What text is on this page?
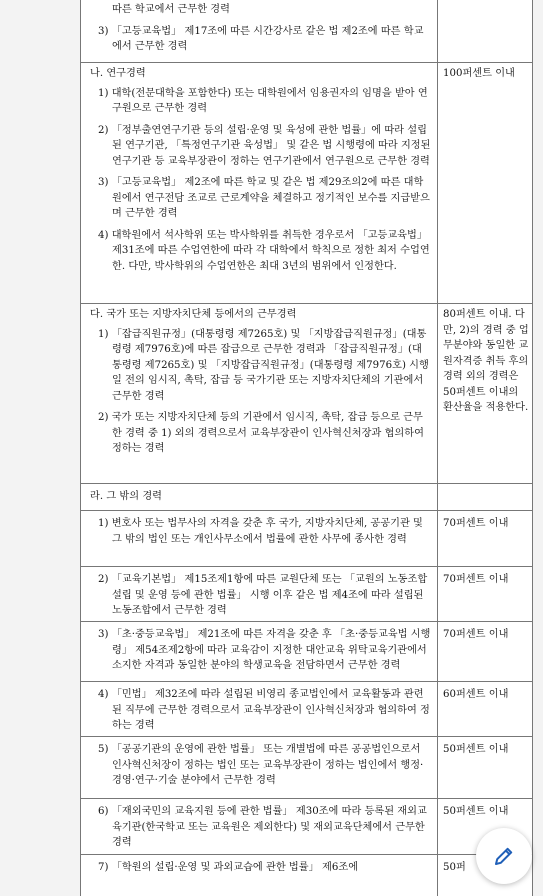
따른 학교에서 근무한 경력
3) 「고등교육법」 제17조에 따른 시간강사로 같은 법 제2조에 따른 학교에서 근무한 경력
나. 연구경력
1) 대학(전문대학을 포함한다) 또는 대학원에서 임용권자의 임명을 받아 연구원으로 근무한 경력
2) 「정부출연연구기관 등의 설립·운영 및 육성에 관한 법률」에 따라 설립된 연구기관, 「특정연구기관 육성법」 및 같은 법 시행령에 따라 지정된 연구기관 등 교육부장관이 정하는 연구기관에서 연구원으로 근무한 경력
3) 「고등교육법」 제2조에 따른 학교 및 같은 법 제29조의2에 따른 대학원에서 연구전담 조교로 근로계약을 체결하고 정기적인 보수를 지급받으며 근무한 경력
4) 대학원에서 석사학위 또는 박사학위를 취득한 경우로서 「고등교육법」 제31조에 따른 수업연한에 따라 각 대학에서 학칙으로 정한 최저 수업연한. 다만, 박사학위의 수업연한은 최대 3년의 범위에서 인정한다.
100퍼센트 이내
다. 국가 또는 지방자치단체 등에서의 근무경력
1) 「잡급직원규정」(대통령령 제7265호) 및 「지방잡급직원규정」(대통령령 제7976호)에 따른 잡급으로 근무한 경력과 「잡급직원규정」(대통령령 제7265호) 및 「지방잡급직원규정」(대통령령 제7976호) 시행일 전의 임시직, 촉탁, 잡급 등 국가기관 또는 지방자치단체의 기관에서 근무한 경력
2) 국가 또는 지방자치단체 등의 기관에서 임시직, 촉탁, 잡급 등으로 근무한 경력 중 1) 외의 경력으로서 교육부장관이 인사혁신처장과 협의하여 정하는 경력
80퍼센트 이내. 다만, 2)의 경력 중 업무분야와 동일한 교원자격증 취득 후의 경력 외의 경력은 50퍼센트 이내의 환산율을 적용한다.
라. 그 밖의 경력
1) 변호사 또는 법무사의 자격을 갖춘 후 국가, 지방자치단체, 공공기관 및 그 밖의 법인 또는 개인사무소에서 법률에 관한 사무에 종사한 경력
70퍼센트 이내
2) 「교육기본법」 제15조제1항에 따른 교원단체 또는 「교원의 노동조합 설립 및 운영 등에 관한 법률」 시행 이후 같은 법 제4조에 따라 설립된 노동조합에서 근무한 경력
70퍼센트 이내
3) 「초·중등교육법」 제21조에 따른 자격을 갖춘 후 「초·중등교육법 시행령」 제54조제2항에 따라 교육감이 지정한 대안교육 위탁교육기관에서 소지한 자격과 동일한 분야의 학생교육을 전담하면서 근무한 경력
70퍼센트 이내
4) 「민법」 제32조에 따라 설립된 비영리 종교법인에서 교육활동과 관련된 직무에 근무한 경력으로서 교육부장관이 인사혁신처장과 협의하여 정하는 경력
60퍼센트 이내
5) 「공공기관의 운영에 관한 법률」 또는 개별법에 따른 공공법인으로서 인사혁신처장이 정하는 법인 또는 교육부장관이 정하는 법인에서 행정·경영·연구·기술 분야에서 근무한 경력
50퍼센트 이내
6) 「재외국민의 교육지원 등에 관한 법률」 제30조에 따라 등록된 재외교육기관(한국학교 또는 교육원은 제외한다) 및 재외교육단체에서 근무한 경력
50퍼센트 이내
7) 「학원의 설립·운영 및 과외교습에 관한 법률」 제6조에	50퍼
